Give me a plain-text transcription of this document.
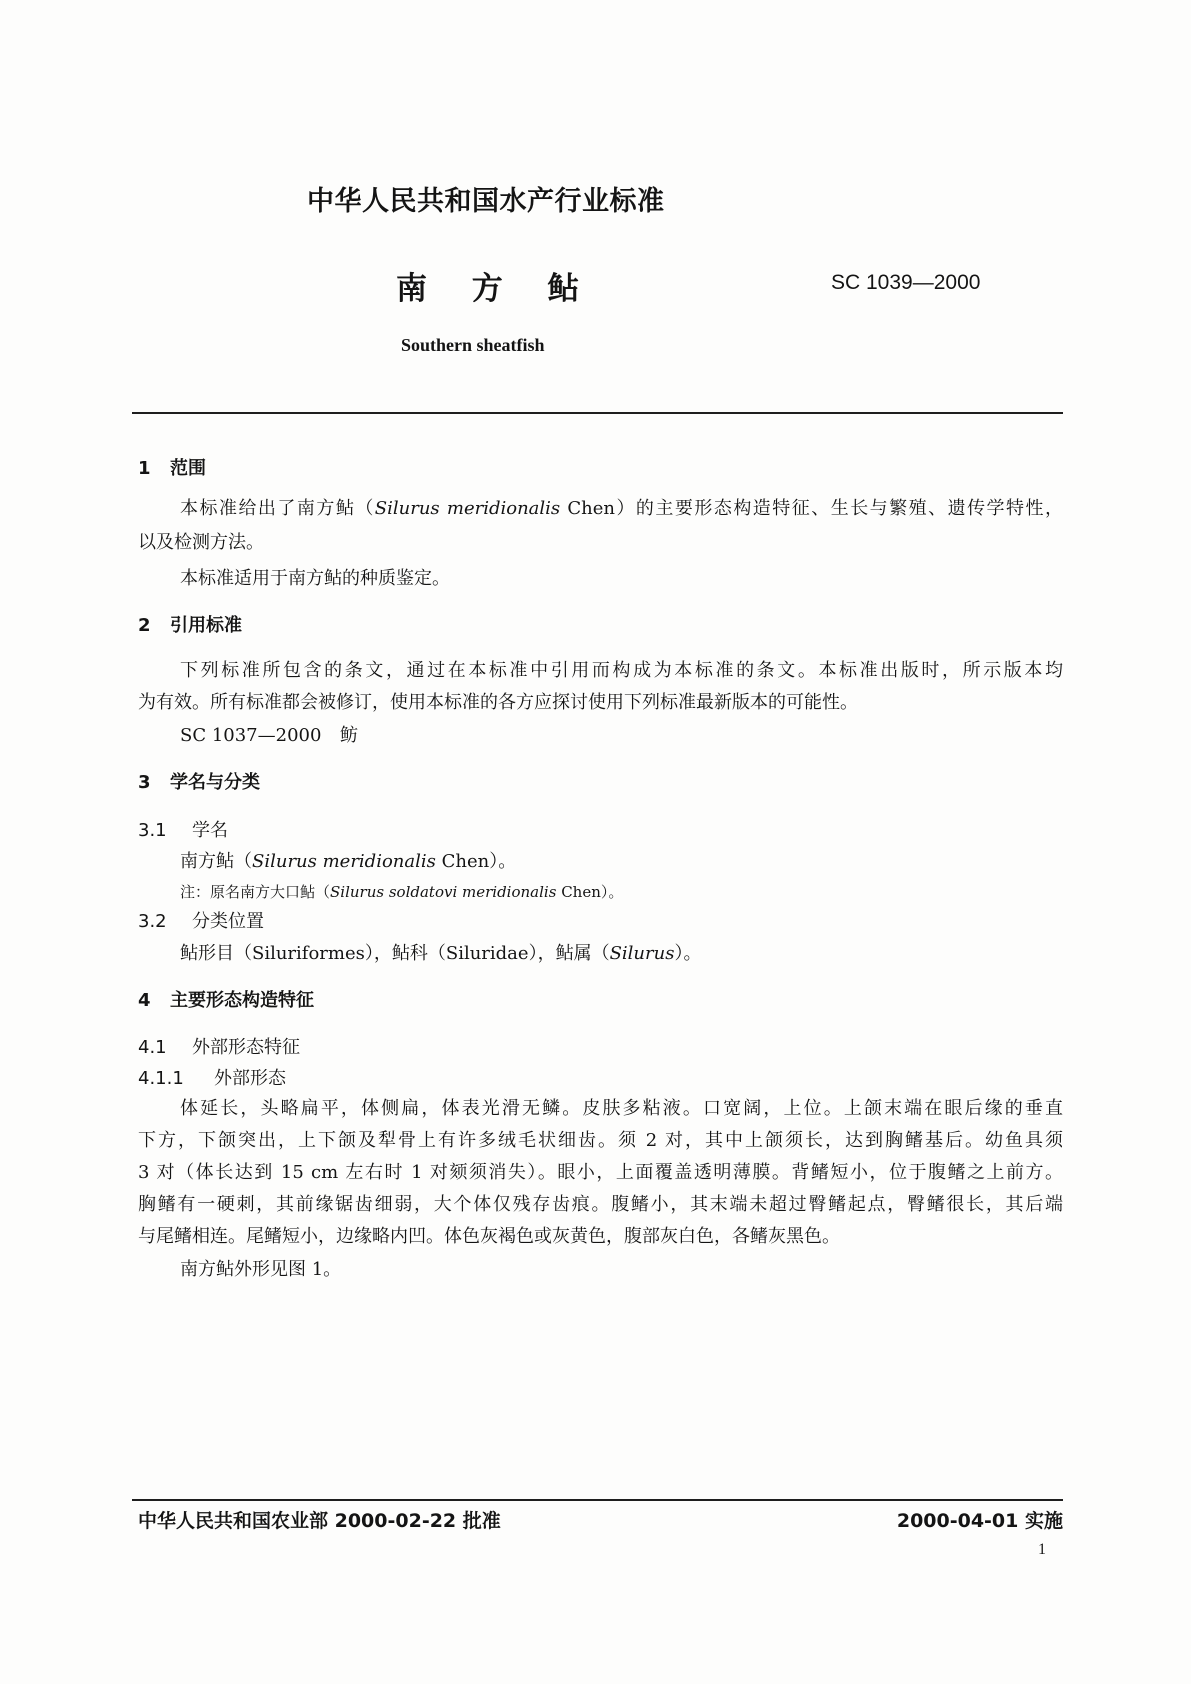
中华人民共和国水产行业标准
南 方 鲇	SC 1039—2000
Southern sheatfish
1 范围
本标准给出了南方鲇（Silurus meridionalis Chen）的主要形态构造特征、生长与繁殖、遗传学特性，
以及检测方法。
本标准适用于南方鲇的种质鉴定。
2 引用标准
下列标准所包含的条文，通过在本标准中引用而构成为本标准的条文。本标准出版时，所示版本均
为有效。所有标准都会被修订，使用本标准的各方应探讨使用下列标准最新版本的可能性。
SC 1037—2000 鲂
3 学名与分类
3.1 学名
南方鲇（Silurus meridionalis Chen）。
注：原名南方大口鲇（Silurus soldatovi meridionalis Chen）。
3.2 分类位置
鲇形目（Siluriformes），鲇科（Siluridae），鲇属（Silurus）。
4 主要形态构造特征
4.1 外部形态特征
4.1.1 外部形态
体延长，头略扁平，体侧扁，体表光滑无鳞。皮肤多粘液。口宽阔，上位。上颌末端在眼后缘的垂直
下方，下颌突出，上下颌及犁骨上有许多绒毛状细齿。须 2 对，其中上颌须长，达到胸鳍基后。幼鱼具须
3 对（体长达到 15 cm 左右时 1 对颏须消失）。眼小，上面覆盖透明薄膜。背鳍短小，位于腹鳍之上前方。
胸鳍有一硬刺，其前缘锯齿细弱，大个体仅残存齿痕。腹鳍小，其末端未超过臀鳍起点，臀鳍很长，其后端
与尾鳍相连。尾鳍短小，边缘略内凹。体色灰褐色或灰黄色，腹部灰白色，各鳍灰黑色。
南方鲇外形见图 1。
中华人民共和国农业部 2000-02-22 批准	2000-04-01 实施
1
